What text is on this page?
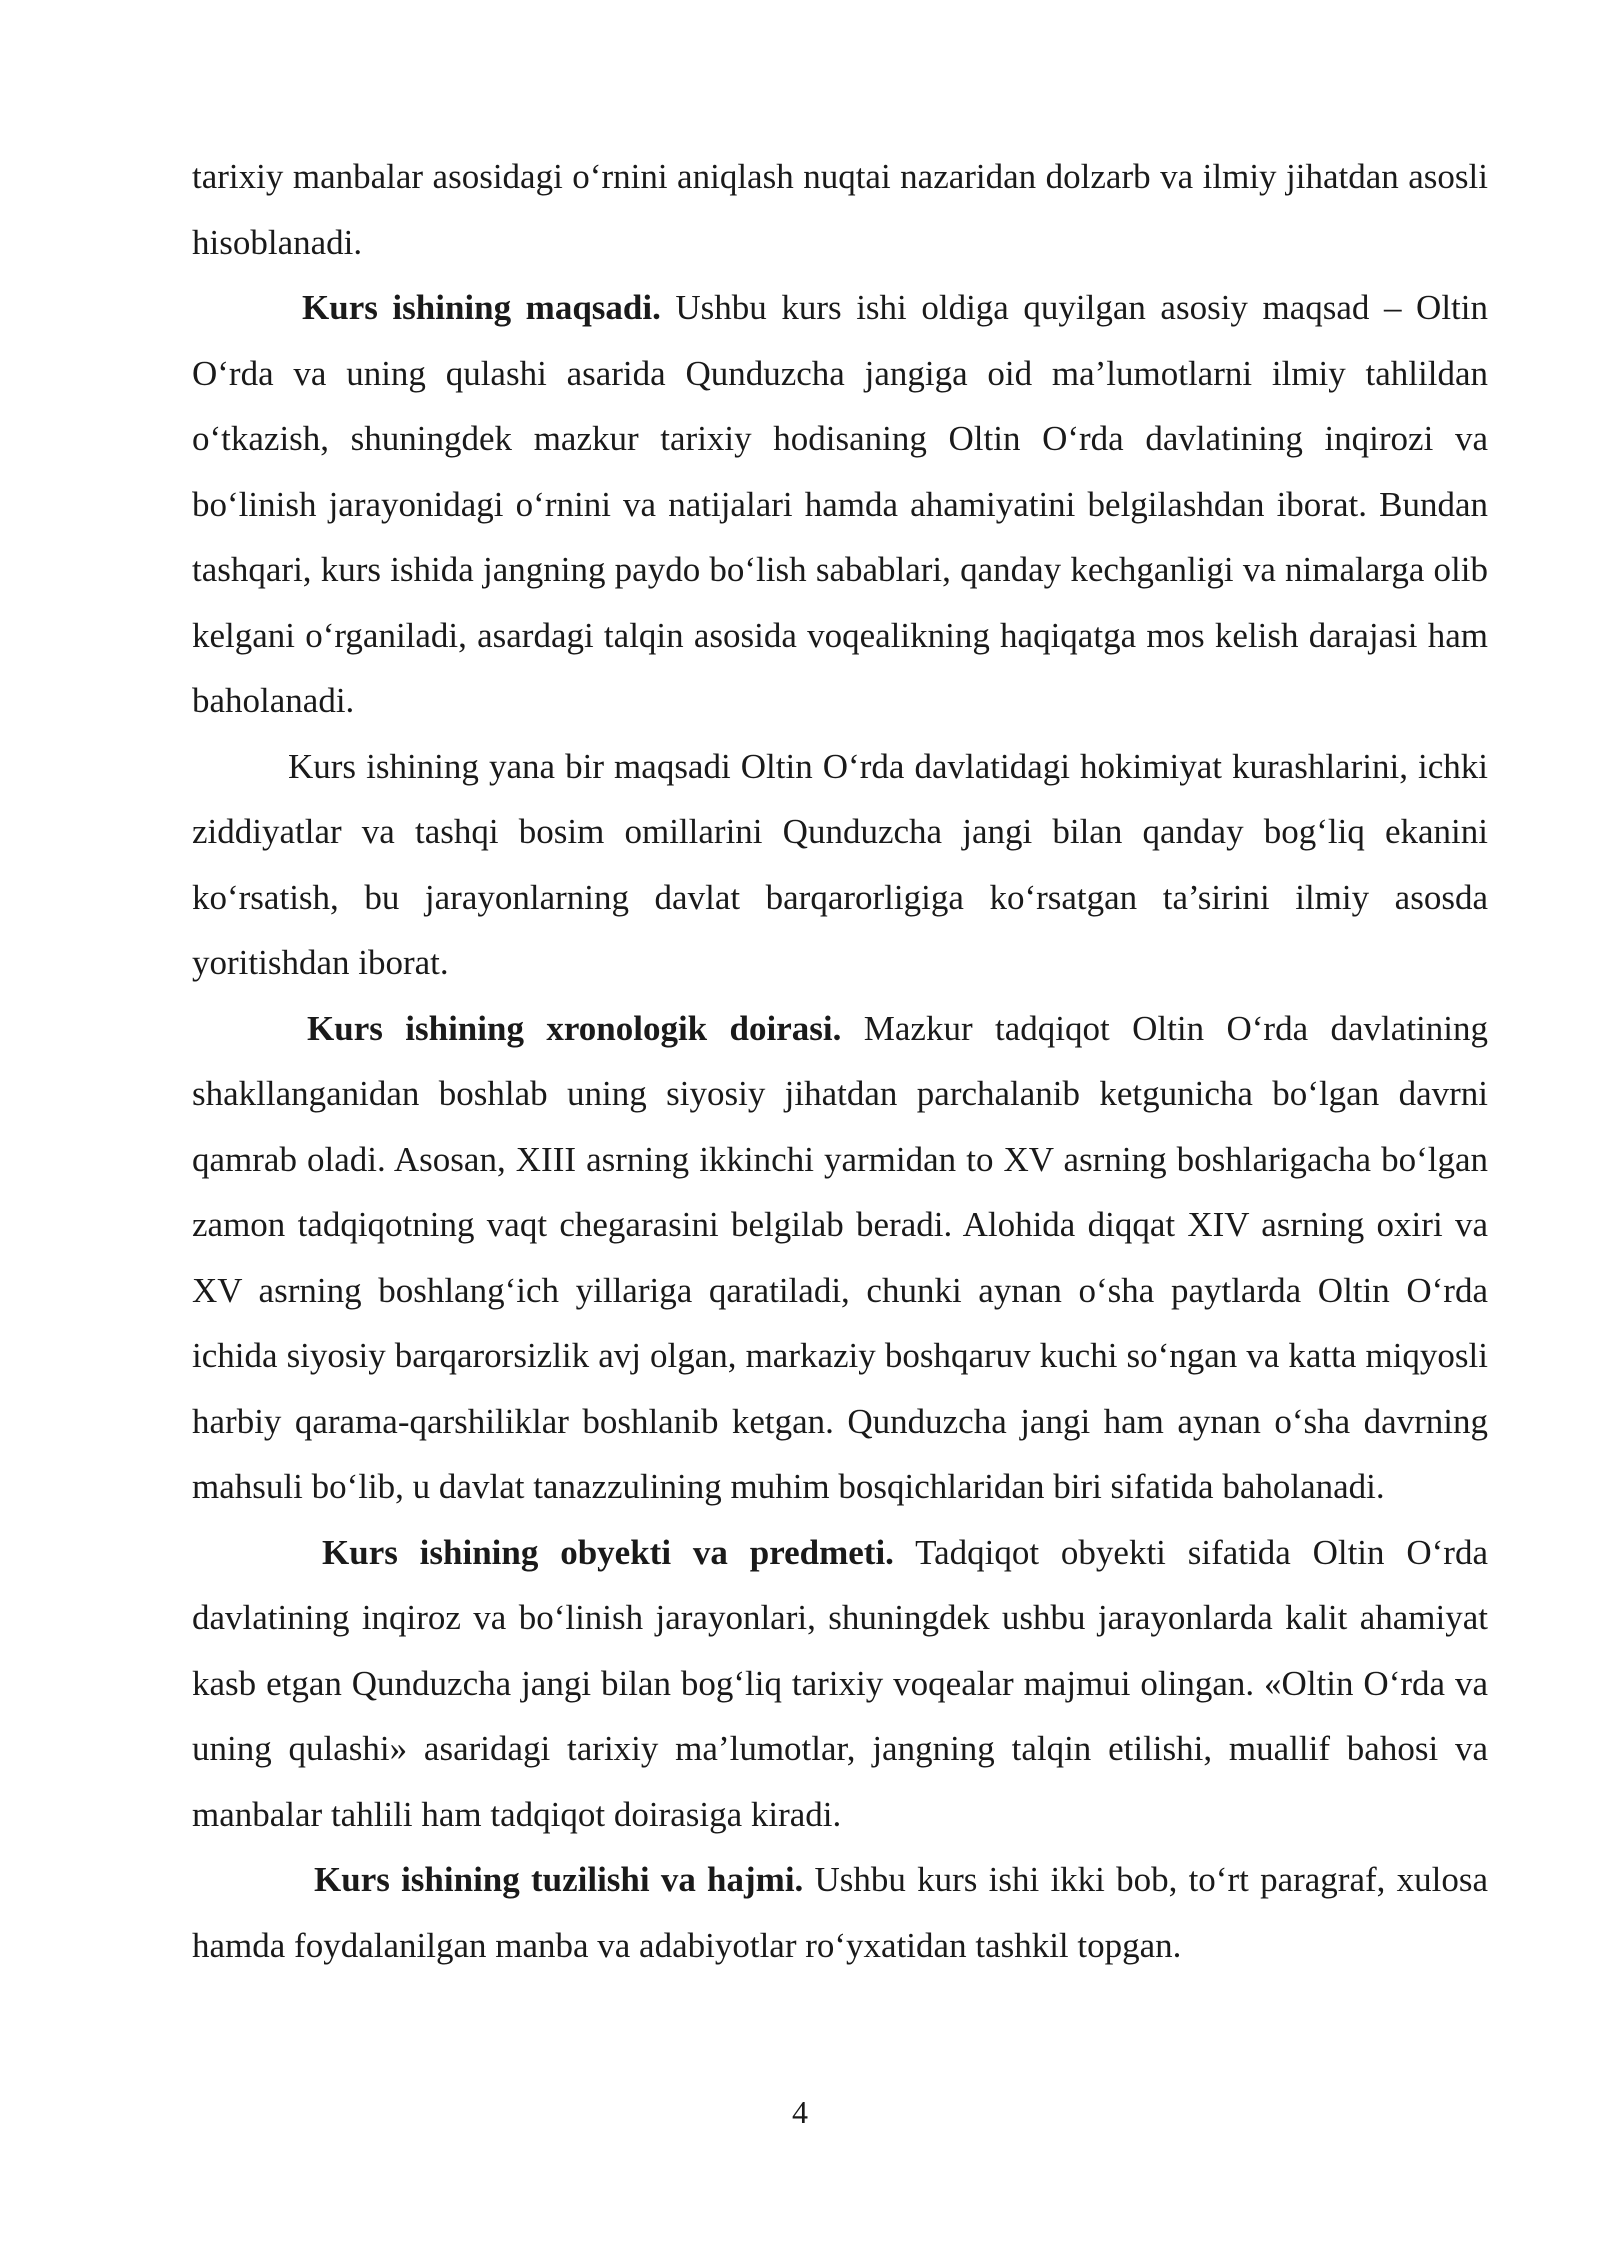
tarixiy manbalar asosidagi o‘rnini aniqlash nuqtai nazaridan dolzarb va ilmiy jihatdan asosli hisoblanadi.

Kurs ishining maqsadi. Ushbu kurs ishi oldiga quyilgan asosiy maqsad – Oltin O‘rda va uning qulashi asarida Qunduzcha jangiga oid ma’lumotlarni ilmiy tahlildan o‘tkazish, shuningdek mazkur tarixiy hodisaning Oltin O‘rda davlatining inqirozi va bo‘linish jarayonidagi o‘rnini va natijalari hamda ahamiyatini belgilashdan iborat. Bundan tashqari, kurs ishida jangning paydo bo‘lish sabablari, qanday kechganligi va nimalarga olib kelgani o‘rganiladi, asardagi talqin asosida voqealikning haqiqatga mos kelish darajasi ham baholanadi.

Kurs ishining yana bir maqsadi Oltin O‘rda davlatidagi hokimiyat kurashlarini, ichki ziddiyatlar va tashqi bosim omillarini Qunduzcha jangi bilan qanday bog‘liq ekanini ko‘rsatish, bu jarayonlarning davlat barqarorligiga ko‘rsatgan ta’sirini ilmiy asosda yoritishdan iborat.

Kurs ishining xronologik doirasi. Mazkur tadqiqot Oltin O‘rda davlatining shakllanganidan boshlab uning siyosiy jihatdan parchalanib ketgunicha bo‘lgan davrni qamrab oladi. Asosan, XIII asrning ikkinchi yarmidan to XV asrning boshlarigacha bo‘lgan zamon tadqiqotning vaqt chegarasini belgilab beradi. Alohida diqqat XIV asrning oxiri va XV asrning boshlang‘ich yillariga qaratiladi, chunki aynan o‘sha paytlarda Oltin O‘rda ichida siyosiy barqarorsizlik avj olgan, markaziy boshqaruv kuchi so‘ngan va katta miqyosli harbiy qarama-qarshiliklar boshlanib ketgan. Qunduzcha jangi ham aynan o‘sha davrning mahsuli bo‘lib, u davlat tanazzulining muhim bosqichlaridan biri sifatida baholanadi.

Kurs ishining obyekti va predmeti. Tadqiqot obyekti sifatida Oltin O‘rda davlatining inqiroz va bo‘linish jarayonlari, shuningdek ushbu jarayonlarda kalit ahamiyat kasb etgan Qunduzcha jangi bilan bog‘liq tarixiy voqealar majmui olingan. «Oltin O‘rda va uning qulashi» asaridagi tarixiy ma’lumotlar, jangning talqin etilishi, muallif bahosi va manbalar tahlili ham tadqiqot doirasiga kiradi.

Kurs ishining tuzilishi va hajmi. Ushbu kurs ishi ikki bob, to‘rt paragraf, xulosa hamda foydalanilgan manba va adabiyotlar ro‘yxatidan tashkil topgan.

4
